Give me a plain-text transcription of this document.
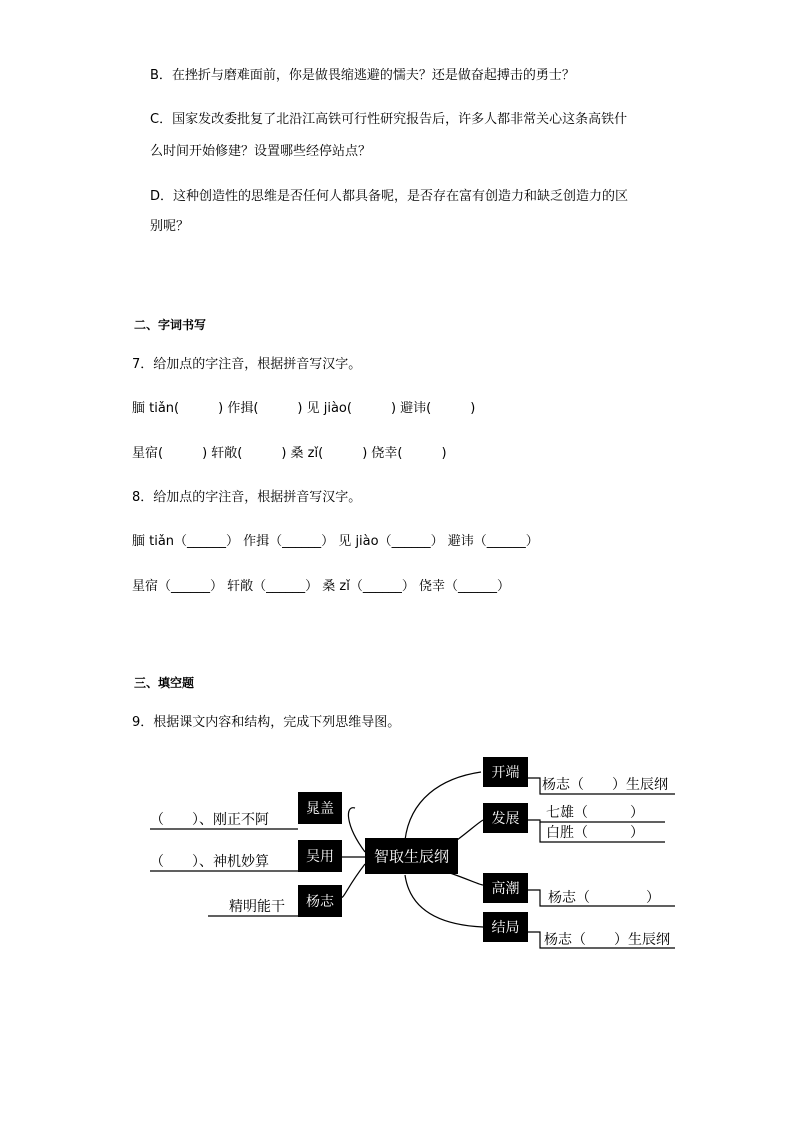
B．在挫折与磨难面前，你是做畏缩逃避的懦夫？还是做奋起搏击的勇士？
C．国家发改委批复了北沿江高铁可行性研究报告后，许多人都非常关心这条高铁什
么时间开始修建？设置哪些经停站点？
D．这种创造性的思维是否任何人都具备呢，是否存在富有创造力和缺乏创造力的区
别呢？
二、字词书写
7．给加点的字注音，根据拼音写汉字。
腼 tiǎn(　　　) 作揖(　　　) 见 jiào(　　　) 避讳(　　　)
星宿(　　　) 轩敞(　　　) 桑 zǐ(　　　) 侥幸(　　　)
8．给加点的字注音，根据拼音写汉字。
腼 tiǎn（______） 作揖（______） 见 jiào（______） 避讳（______）
星宿（______） 轩敞（______） 桑 zǐ（______） 侥幸（______）
三、填空题
9．根据课文内容和结构，完成下列思维导图。
智取生辰纲
晁盖
（　　）、刚正不阿
吴用
（　　）、神机妙算
杨志
精明能干
开端
杨志（　　）生辰纲
发展 七雄（　　　）
白胜（　　　）
高潮
杨志（　　　　）
结局
杨志（　　）生辰纲
